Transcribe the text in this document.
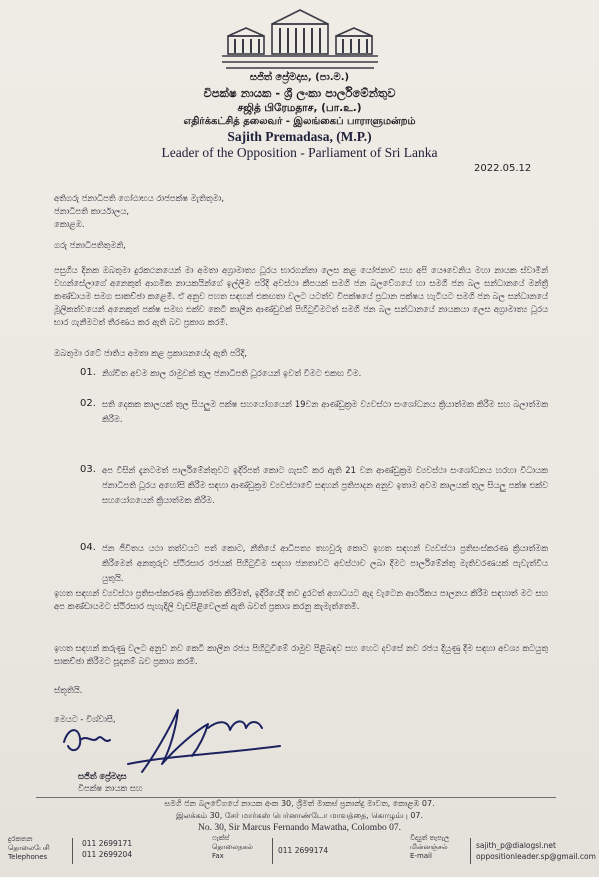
සජිත් ප්‍රේමදාස, (පා.ම.)
විපක්ෂ නායක - ශ්‍රී ලංකා පාර්ලිමේන්තුව
சஜித் பிரேமதாச, (பா.உ.)
எதிர்க்கட்சித் தலைவர் - இலங்கைப் பாராளுமன்றம்
Sajith Premadasa, (M.P.)
Leader of the Opposition - Parliament of Sri Lanka
2022.05.12
අතිගරු ජනාධිපති ගෝඨාභය රාජපක්ෂ මැතිතුමා,
ජනාධිපති කාර්යාලය,
කොළඹ.
ගරු ජනාධිපතිතුමනි,
පසුගිය දිනක ඔබතුමා දුරකථනයෙන් මා අමතා අග්‍රාමාත්‍ය ධූරය භාරගන්නා ලෙස කළ යෝජනාව සහ අපි යෞවෙනිය මහා නායක ස්වාමීන් වහන්සේලාගේ අනෙකුත් ආගමික නායකයින්ගේ ඉල්ලීම පරිදි අවස්ථා කීපයක් සමගි ජන බලවේගයේ හා සමගි ජන බල සන්ධානයේ මන්ත්‍රී කණ්ඩායම සමග සාකච්ඡා කළෙමි. ඒ අනුව පහත සඳහන් එකඟතා වලට යටත්ව විපක්ෂයේ ප්‍රධාන පක්ෂය හැටියට සමගි ජන බල සන්ධානයේ මූලිකත්වයෙන් අනෙකුත් පක්ෂ සමඟ එක්ව කෙටි කාලීන ආණ්ඩුවක් පිහිටුවීමටත් සමගි ජන බල සන්ධානයේ නායකයා ලෙස අග්‍රාමාත්‍ය ධූරය භාර ගැනීමටත් තීරණය කර ඇති බව ප්‍රකාශ කරමි.
ඔබතුමා රටේ ජාතිය අමතා කළ ප්‍රකාශනයේද ඇති පරිදි,
01. නිශ්චිත අවම කාල රාමුවක් තුල ජනාධිපති ධූරයෙන් ඉවත් වීමට එකඟ වීම.
02. සති දෙකක කාලයක් තුල සියලුම පක්ෂ සහයෝගයෙන් 19වන ආණ්ඩුක්‍රම ව්‍යවස්ථා සංශෝධනය ක්‍රියාත්මක කිරීම සහ බලාත්මක කිරීම.
03. අප විසින් දැනටමත් පාර්ලිමේන්තුවට ඉදිරිපත් කොට ගැසට් කර ඇති 21 වන ආණ්ඩුක්‍රම ව්‍යවස්ථා සංශෝධනය හරහා විධායක ජනාධිපති ධූරය අහෝසි කිරීම සඳහා ආණ්ඩුක්‍රම ව්‍යවස්ථාවේ සඳහන් ප්‍රතිපාදන අනුව ඉතාම අවම කාලයක් තුල සියලු පක්ෂ එක්ව සහයෝගයෙන් ක්‍රියාත්මක කිරීම.
04. ජන ජීවිතය යථා තත්වයට පත් කොට, නීතියේ ආධිපත්‍ය තහවුරු කොට ඉහත සඳහන් ව්‍යවස්ථා ප්‍රතිසංස්කරණ ක්‍රියාත්මක කිරීමෙන් අනතුරුව ස්ථිරසාර රජයක් පිහිටුවීම සඳහා ජනතාවට අවස්ථාව ලබා දීමට පාර්ලිමේන්තු මැතිවරණයක් පැවැත්විය යුතුයි.
ඉහත සඳහන් ව්‍යවස්ථා ප්‍රතිසංස්කරණ ක්‍රියාත්මක කිරීමත්, ඉදිරියේදී තව දුරටත් අගාධයට ඇද වැටෙන ආර්ථිකය පාලනය කිරීම සඳහාත් මට සහ අප කණ්ඩායමට ස්ථිරසාර පැහැදිලි වැඩපිළිවෙලක් ඇති බවත් ප්‍රකාශ කරනු කැමැත්තෙමි.
ඉහත සඳහන් කරුණු වලට අනුව නව කෙටි කාලීන රජය පිහිටුවීමේ රාමුව පිළිබඳව සහ හෙට දවසේ නව රජය දියුණු දීම සඳහා අවශ්‍ය කටයුතු සාකච්ඡා කිරීමට සූදානම් බව ප්‍රකාශ කරමි.
ස්තූතියි.
මෙයට - විශ්වාසී,
සජිත් ප්‍රේමදාස
විපක්ෂ නායක සහ
සමගි ජන බලවේගයේ නායක අංක 30, ශ්‍රීමත් මාකස් ප්‍රනාන්දු මාවත, කොළඹ 07.
இலக்கம் 30, சேர் மார்கஸ் பெர்னாண்டோ மாவத்தை, கொழும்பு 07.
No. 30, Sir Marcus Fernando Mawatha, Colombo 07.
දුරකතන
தொலைபேசி
Telephones
011 2699171
011 2699204
ෆැක්ස්
தொலைநகல்
Fax
011 2699174
විද්‍යුත් තැපැල
மின்னஞ்சல்
E-mail
sajith_p@dialogsl.net
oppositionleader.sp@gmail.com
